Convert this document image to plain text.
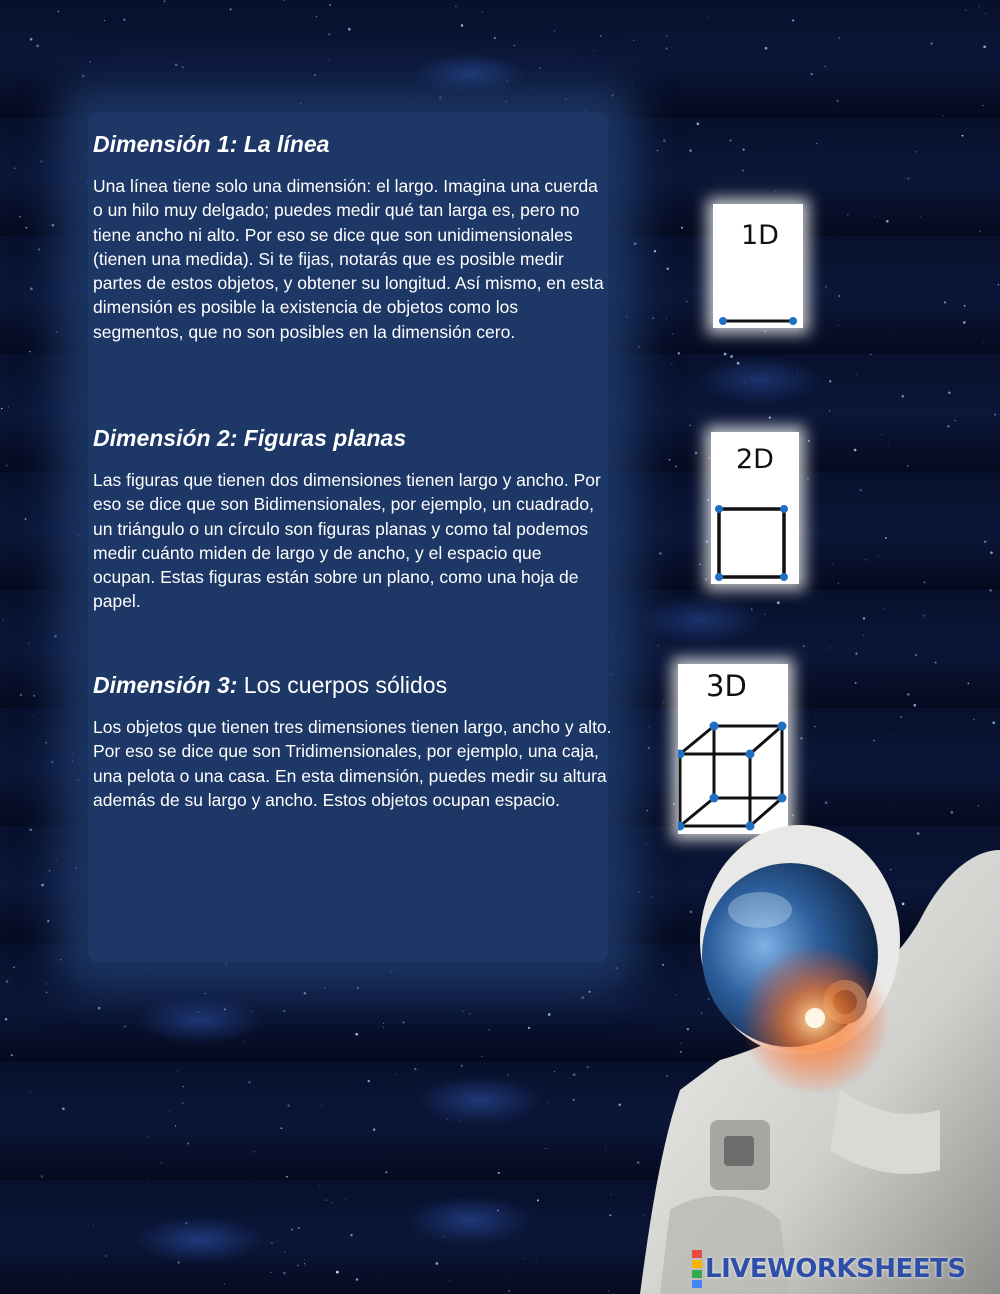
Dimensión 1: La línea

Una línea tiene solo una dimensión: el largo. Imagina una cuerda o un hilo muy delgado; puedes medir qué tan larga es, pero no tiene ancho ni alto. Por eso se dice que son unidimensionales (tienen una medida). Si te fijas, notarás que es posible medir partes de estos objetos, y obtener su longitud. Así mismo, en esta dimensión es posible la existencia de objetos como los segmentos, que no son posibles en la dimensión cero.

Dimensión 2: Figuras planas

Las figuras que tienen dos dimensiones tienen largo y ancho. Por eso se dice que son Bidimensionales, por ejemplo, un cuadrado, un triángulo o un círculo son figuras planas y como tal podemos medir cuánto miden de largo y de ancho, y el espacio que ocupan. Estas figuras están sobre un plano, como una hoja de papel.

Dimensión 3: Los cuerpos sólidos

Los objetos que tienen tres dimensiones tienen largo, ancho y alto. Por eso se dice que son Tridimensionales, por ejemplo, una caja, una pelota o una casa. En esta dimensión, puedes medir su altura además de su largo y ancho. Estos objetos ocupan espacio.

1D
2D
3D
LIVEWORKSHEETS
